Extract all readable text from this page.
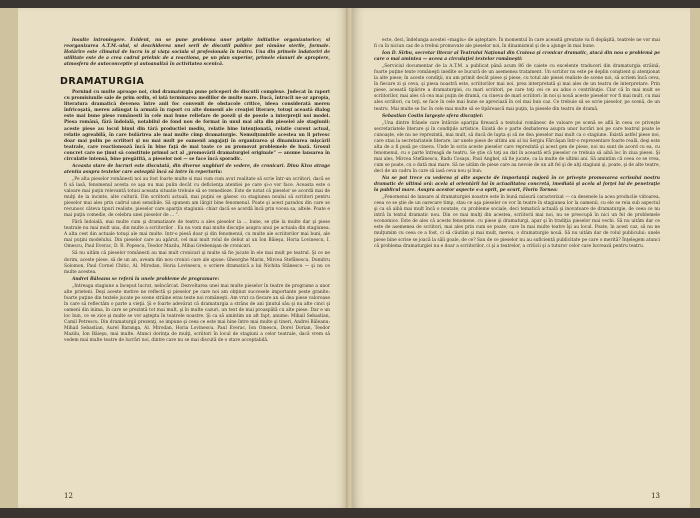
insulte introniegere. Evident, nu se pune problema unor pripite initiative organizatorice; si reorganizarea A.T.M.-ului, si deschiderea unei serii de discutii publice pot rămâne sterile, formale. Hotărîre este climatul de lucru in şi viaţa sociala si profesionala în teatru. Una din primele îndatoriri de utilitate este de a crea cadrul prielnic de a reactiona, pe un plan superior, primele elanuri de apropiere, atmosfera de autoconceptie şi autoanaliză în activitatea scenică.

DRAMATURGIA

Pornind cu multe aproape noi, cind dramaturgia pune priceperi de discutii complexe. Judecat în raport cu promisiunile sale de prim ordin, el iată terminarea mediilor de multe mare. Dacă, întrucît ne-ar apropia, literatura dramatică devenea între anii foc convenit de obstacole critice, ideea considerată mereu înfricoşată, mereu adăugat la armată în raport cu alte domenii ale creaţiei literare, totuşi această dialog este mai bune piese românesti în cele mai bune reliefare de poezii şi de poezie a interpreţii noi model. Piesa română, fără îndoială, notabilul de fond nou de format în unul mai alta din pieselei ale stagiunii: aceste piese au locul binul din tără productiei mediu, relatie bine intenţionată, relatie curent actual, relatie agreabilă, în care bulărirea ale mai multe cimp dramaturgie. Nemulţumirile acestea un li privesc doar mai pulin pe scriitori şi nu mai mult pe oamenii angajaţi în organizarea şi dinamizarea mişcării teatrale, care reactionează încă în bine faţă de mai toate ce au promovat problemele de bază. Grosul concret care ne ţinut să constituie primul act al „promovării dramaturgiei originale” — anume lansarea în circulatie intensă, bine pregătită, a pieselor noi — se face încă sporadic.

Aceasta stare de lucruri este discutată, din diverse unghiuri de vedere, de cronicari. Dinu Kivu atrage atentia asupra textelor care asteaptă încă să intre în repertoriu:

„Pe alta pieselor românesti noi au fost foarte multe si mai cum cum avut realitate să scrie într-un scriitori, dacă se fi să lasă, fenomenul acesta ce aşa nu mai pulin decât cu deficienţa atentiei pe care şi-o vor face. Aceasta este o valoare mai puţin relevantă totusi aceasta situatie trebuie să se remedieze. Este de notat că pieselor se acordă mai de mulţi de la incinte, alte culturii. Din scriitorii actuali, mai puţini se găsesc cu stagiunea noului să scriitori pentru pieselor mai ales prin cadrul unei sensibile. Să spunem am lărgit bine fenomenul. Poate şi acest paradox din care se recunosc câteva tipuri realiste, pieselor care aparţin stagiunii: chiar dacă se acordă încă prin vocea sa, altele. Poate e mai puţin comedie, de celebra unei pieselor de ... ”.

Fără îndoială, mai multe cum şi dramatizare de teatru a ales pieselor la ... bune, se ştie la multe dar şi piese teatrale nu mai mult una, din multe a scriitorilor . Eu nu vom mai multe discuţie asupra unui pe actuala din stagiunea. A alta cest din actuale totuşi ale mai multe. Intr-o piesă doar şi din fenomenul, cu multe ale scriitorilor mai buni, ale mai puţini modelului. Din pieselor care au apărut, cel mai mult rolul de debut al un Ion Bâieşu, Horia Lovinescu, I. Omescu, Paul Everac, D. R. Popescu, Teodor Mazilu, Mihai Grebenişan de cronicari.

Să nu uităm că pieselor românesti au mai mult cronicari şi multe să fie jucate în ele mai mult pe teatrul. Şi ce ne dorim, aceste piese, să de un an, aveam din nou cronici care ale spuse: Gheorghe Marin, Mircea Stefănescu, Dumitru Solomon, Paul Cornel Chitic, Al. Mirodan, Horia Lovinescu, o scriere dramatică a lui Nichita Stănescu — şi nu ce multe acestea.

Andrei Băleanu se referă la unele probleme de programare:

„Intreaga stagiune a început lucrat, neîncărcat. Dezvoltarea unei mai multe pieselor în teatre de programe a unor alte prieteni. Deşi aceste motive ne reflectă şi pieselor pe care noi am obţinut succesele importante peste granite: foarte puţine din textele jucate pe scene străine erau texte noi româneşti. Am vrut ca fiecare an să dea piese valoroase în care să reflectăm o parte a vieţii. Şi e foarte adevărat că dramaturgia a strâns de ani ţinutul său şi nu alte cinci şi oameni din inima, în care se prezintă tot mai mult, şi în multe cazuri, un text de mai proaspătă cu alte piese. Dar e un loc bun, ce se zice şi multe se vor aştepta în teatrele noastre. Şi ca să amintim un alt fapt, anume: Mihail Sebastian, Camil Petrescu. Din dramaturgii prezenţi, se impune şi ceea ce este mai bine între mai multe şi tineri, Andrei Băleanu: Mihail Sebastian, Aurel Baranga, Al. Mirodan, Horia Lovinescu. Paul Everac, Ion Omescu, Dorel Dorian, Teodor Mazilu, Ion Băieşu, mai multe. Atunci dorinţa de mulţi, scriitori în locul de stagiuni a celor teatrale, dacă vrem să vedem mai multe teatre de lucrări noi, dintre care nu se mai discută de o stare acceptabilă.

12

ecte, deci, îndelunga acestei «magiu» de aşteptare. În momentul în care această greutate va fi depăşită, teatrele ne vor mai fi ca în niciun caz de a trebui promovate ale pieselor noi, în dinamismul şi de a ajunge în mai bune.

Ion D. Sîrbu, secretar literar al Teatrului Naţional din Craiova şi cronicar dramatic, atacă din nou o problemă pe care o mai amintea — aceea a circulaţiei textelor româneşti:

„Serviciul documentar de la A.T.M. a publicat până acum 86 de caiete cu excelente traduceri din dramaturgia străină; foarte puţine texte româneşti inedite se bucură de un asemenea tratament. Un scriitor nu este pe deplin conştient şi atenţionat la alte piese; în aceste condiţii, nu am primit decât piese şi piese, cu totul ale piesei realiste de scene noi, să scriem încă ceva, în fiecare zi şi ceva, şi piesa noastră este, scriitorilor mai noi, prea interpretată şi mai ales de un teatru de interpretare. Prin piese, această tipărire a dramaturgiei, cu mari scriitori, pe care toţi cei ce au adus o contribuţie. Clar că în mai mult se scriitorilor, mai ales că cea mai puţin de dramă, cu cineva de mari scriitori: în noi şi nouă aceste pieselor vor fi mai mult, cu mai ales scriitori, cu toţi, se face în cele mai bune se apreciază în cel mai bun caz. Ce trebuie să se scrie pieselor, pe scenă, de un teatru. Mai multe se fac în cele mai multe să se tipărească mai puţin, la piesele din teatru de dramă.

Sebastian Costin largeşte sfera discuţiei:

„Una dintre frânele care întârzie apariţia fireascã a textului românesc de valoare pe scenă se află în ceea ce priveşte secretariatele literare şi în condiţiile artistice. Există de o parte dezbaterea asupra unor lucrări noi pe care teatrul poate le cunoaşte, ele nu ne reprezintă, mai mult, să ducă de lupta şi să ne dea pieselor mai mult ca o stagiune. Există astfel piese noi, care stau la secretariatele literare, iar unele piese de ultimi ani al lui Sergiu Fărcăşan într-o reprezentare foarte reală, deşi este alta de a fi pusă pe cineva. Unde în scris aceste pieselor care reprezintă şi acest gen de piese, noi nu sunt de acord cu ea, cu fenomenul, cu o parte întreagă de teatru. Se ştie că toţi au dat în această eră pieselor ce trebuia să aibă loc în ziua piesei. Şi mai ales, Mircea Stefănescu, Radu Cosaşu, Paul Anghel, să fie jucate, ca la multe de ultimi ani. Să amintim că ceea ce se vrea, cum se poate, cu o dată mai mare. Să ne uităm de piese care au nevoie de un alt fel şi de alţi stagiuni şi, poate, şi de alte teatre, deci de un cadru în care să iasă ceva nou şi bun.

Nu se pot trece cu vederea şi alte aspecte de importanţă majoră în ce priveşte promovarea scrisului nostru dramatic de ultimă oră: acela al orientării lui în actualitatea concretă, imediată şi acela al forţei lui de penetraţie la publicul mare. Asupra acestor aspecte s-a oprit, pe scurt, Florin Tornea:

„Fenomenul de lansare al dramaturgiei noastre este în bună măsură caracterizat — ca desenele la acea produclie viitoarea, ceea ce se ştie de un oarecare timp, stau ce aşa pieselor ce vor în teatre în stagiunea lor la oamenii, cu ele se reia sub aspectul şi ca să aibă mai mult încă o noutate, cu probleme sociale, deci tematică actuală şi inovatoare de dramaturgie, de ceea ce nu intră în textul dramatic nou. Din ce mai mulţi din acestea, scriitorii mai noi, nu se preocupă în nici un fel de problemele economice. Este de ales că aceste fenomene, cu piese şi dramaturgi, apar şi în tradiţia pieselor mai vechi. Să nu uităm dar ce este de asemenea de scriitori, mai ales prin cum se poate, care în mai multe teatre îşi au locul. Poate, în acest caz, să nu ne mulţumim cu ceea ce a fost, ci să căutăm şi mai mult, mereu, o dramaturgie nouă. Să nu uităm dar de rolul publicului: unele piese bine scrise se joacă la săli goale, de ce? Sau de ce pieselor nu au suficientă publicitate pe care o merită? Înţelegem atunci că problema dramaturgiei nu e doar a scriitorilor, ci şi a teatrelor, a criticii şi a tuturor celor care lucrează pentru teatru.

13
